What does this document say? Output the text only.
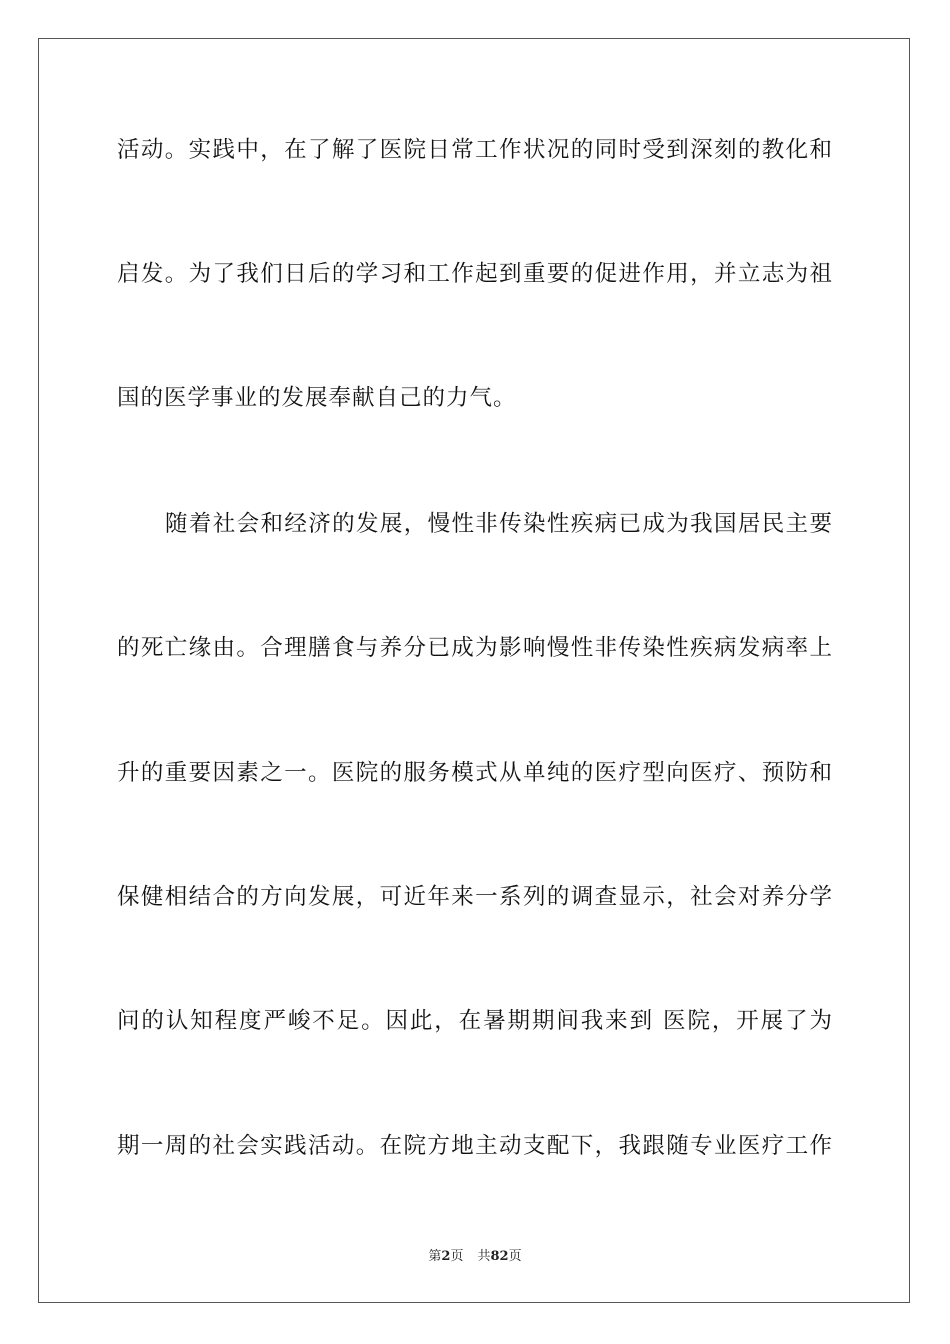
活动。实践中，在了解了医院日常工作状况的同时受到深刻的教化和
启发。为了我们日后的学习和工作起到重要的促进作用，并立志为祖
国的医学事业的发展奉献自己的力气。
随着社会和经济的发展，慢性非传染性疾病已成为我国居民主要
的死亡缘由。合理膳食与养分已成为影响慢性非传染性疾病发病率上
升的重要因素之一。医院的服务模式从单纯的医疗型向医疗、预防和
保健相结合的方向发展，可近年来一系列的调查显示，社会对养分学
问的认知程度严峻不足。因此，在暑期期间我来到 医院，开展了为
期一周的社会实践活动。在院方地主动支配下，我跟随专业医疗工作
第2页 共82页
